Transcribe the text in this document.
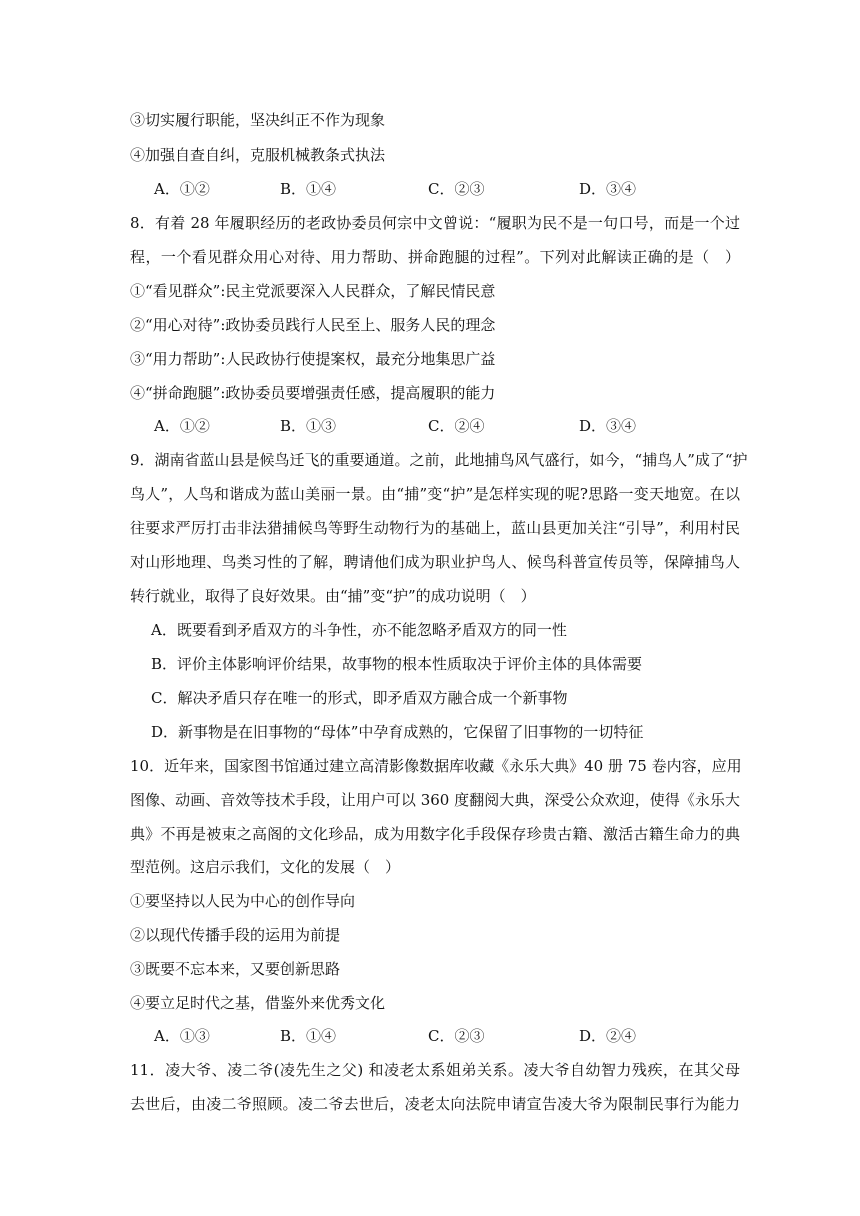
③切实履行职能，坚决纠正不作为现象
④加强自查自纠，克服机械教条式执法
A．①②	B．①④	C．②③	D．③④
8．有着 28 年履职经历的老政协委员何宗中文曾说：“履职为民不是一句口号，而是一个过
程，一个看见群众用心对待、用力帮助、拼命跑腿的过程”。下列对此解读正确的是（　）
①“看见群众”:民主党派要深入人民群众，了解民情民意
②“用心对待”:政协委员践行人民至上、服务人民的理念
③“用力帮助”:人民政协行使提案权，最充分地集思广益
④“拼命跑腿”:政协委员要增强责任感，提高履职的能力
A．①②	B．①③	C．②④	D．③④
9．湖南省蓝山县是候鸟迁飞的重要通道。之前，此地捕鸟风气盛行，如今，“捕鸟人”成了“护
鸟人”，人鸟和谐成为蓝山美丽一景。由“捕”变“护”是怎样实现的呢?思路一变天地宽。在以
往要求严厉打击非法猎捕候鸟等野生动物行为的基础上，蓝山县更加关注“引导”，利用村民
对山形地理、鸟类习性的了解，聘请他们成为职业护鸟人、候鸟科普宣传员等，保障捕鸟人
转行就业，取得了良好效果。由“捕”变“护”的成功说明（　）
A．既要看到矛盾双方的斗争性，亦不能忽略矛盾双方的同一性
B．评价主体影响评价结果，故事物的根本性质取决于评价主体的具体需要
C．解决矛盾只存在唯一的形式，即矛盾双方融合成一个新事物
D．新事物是在旧事物的“母体”中孕育成熟的，它保留了旧事物的一切特征
10．近年来，国家图书馆通过建立高清影像数据库收藏《永乐大典》40 册 75 卷内容，应用
图像、动画、音效等技术手段，让用户可以 360 度翻阅大典，深受公众欢迎，使得《永乐大
典》不再是被束之高阁的文化珍品，成为用数字化手段保存珍贵古籍、激活古籍生命力的典
型范例。这启示我们，文化的发展（　）
①要坚持以人民为中心的创作导向
②以现代传播手段的运用为前提
③既要不忘本来，又要创新思路
④要立足时代之基，借鉴外来优秀文化
A．①③	B．①④	C．②③	D．②④
11．凌大爷、凌二爷(凌先生之父) 和凌老太系姐弟关系。凌大爷自幼智力残疾，在其父母
去世后，由凌二爷照顾。凌二爷去世后，凌老太向法院申请宣告凌大爷为限制民事行为能力
